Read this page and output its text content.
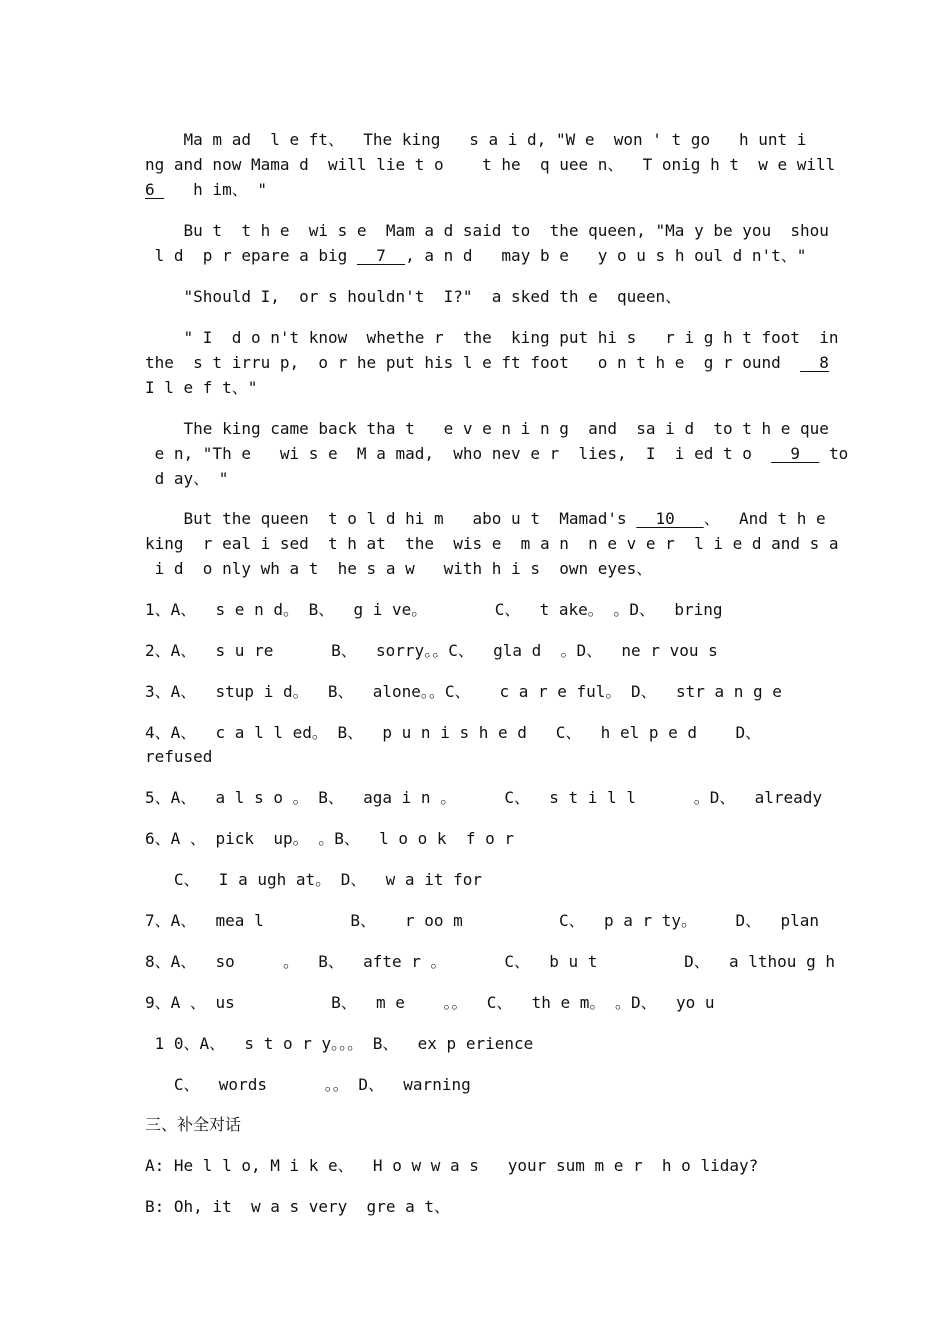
Ma m ad  l e ft、  The king   s a i d, "W e  won ' t go   h unt i
ng and now Mama d  will lie t o    t he  q uee n、  T onig h t  w e will
6    h im、 "
Bu t  t h e  wi s e  Mam a d said to  the queen, "Ma y be you  shou
l d  p r epare a big   7  , a n d   may b e   y o u s h oul d n't、"
"Should I,  or s houldn't  I?"  a sked th e  queen、
" I  d o n't know  whethe r  the  king put hi s   r i g h t foot  in
the  s t irru p,  o r he put his l e ft foot   o n t h e  g r ound    8
I l e f t、"
The king came back tha t   e v e n i n g  and  sa i d  to t h e que
e n, "Th e   wi s e  M a mad,  who nev e r  lies,  I  i ed t o    9   to
d ay、 "
But the queen  t o l d hi m   abo u t  Mamad's   10   、  And t h e
king  r eal i sed  t h at  the  wis e  m a n  n e v e r  l i e d and s a
i d  o nly wh a t  he s a w   with h i s  own eyes、
1、A、  s e n d。 B、  g i ve。       C、  t ake。 。D、  bring
2、A、  s u re      B、  sorry。。C、  gla d  。D、  ne r vou s
3、A、  stup i d。  B、  alone。。C、   c a r e ful。 D、  str a n g e
4、A、  c a l l ed。 B、  p u n i s h e d   C、  h el p e d    D、
refused
5、A、  a l s o 。 B、  aga i n 。     C、  s t i l l      。D、  already
6、A 、 pick  up。 。B、  l o o k  f o r
C、  I a ugh at。 D、  w a it for
7、A、  mea l         B、   r oo m          C、  p a r ty。    D、  plan
8、A、  so     。  B、  afte r 。      C、  b u t         D、  a lthou g h
9、A 、 us          B、  m e    。。  C、  th e m。 。D、  yo u
1 0、A、  s t o r y。。。 B、  ex p erience
C、  words      。。 D、  warning
三、补全对话
A: He l l o, M i k e、  H o w w a s   your sum m e r  h o liday?
B: Oh, it  w a s very  gre a t、
